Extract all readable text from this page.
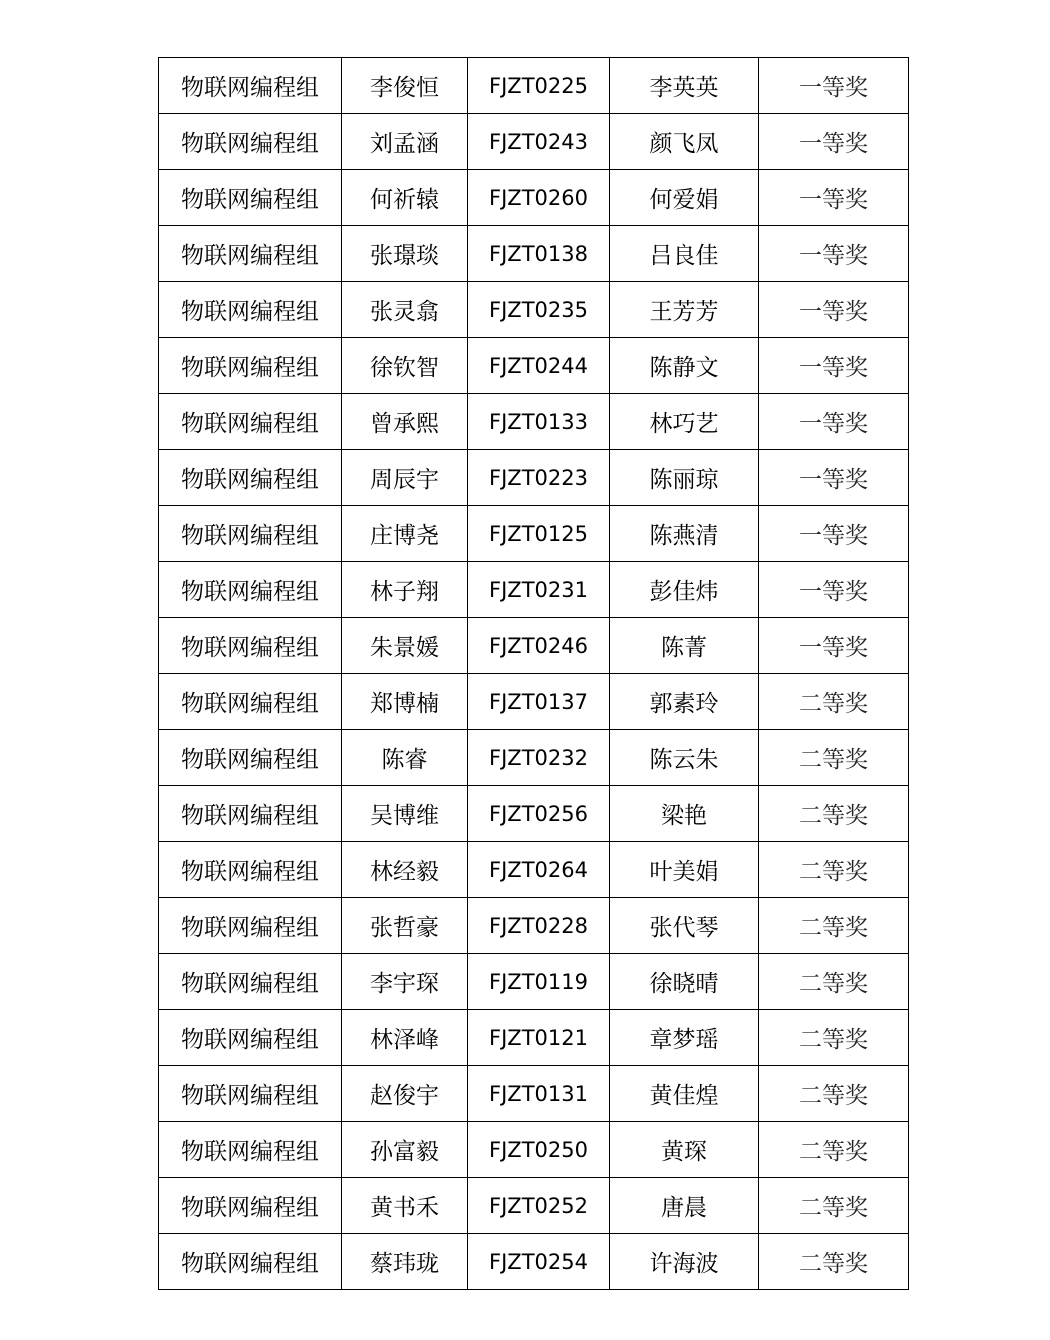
物联网编程组	李俊恒	FJZT0225	李英英	一等奖
物联网编程组	刘孟涵	FJZT0243	颜飞凤	一等奖
物联网编程组	何祈辕	FJZT0260	何爱娟	一等奖
物联网编程组	张璟琰	FJZT0138	吕良佳	一等奖
物联网编程组	张灵翕	FJZT0235	王芳芳	一等奖
物联网编程组	徐钦智	FJZT0244	陈静文	一等奖
物联网编程组	曾承熙	FJZT0133	林巧艺	一等奖
物联网编程组	周辰宇	FJZT0223	陈丽琼	一等奖
物联网编程组	庄博尧	FJZT0125	陈燕清	一等奖
物联网编程组	林子翔	FJZT0231	彭佳炜	一等奖
物联网编程组	朱景媛	FJZT0246	陈菁	一等奖
物联网编程组	郑博楠	FJZT0137	郭素玲	二等奖
物联网编程组	陈睿	FJZT0232	陈云朱	二等奖
物联网编程组	吴博维	FJZT0256	梁艳	二等奖
物联网编程组	林经毅	FJZT0264	叶美娟	二等奖
物联网编程组	张哲豪	FJZT0228	张代琴	二等奖
物联网编程组	李宇琛	FJZT0119	徐晓晴	二等奖
物联网编程组	林泽峰	FJZT0121	章梦瑶	二等奖
物联网编程组	赵俊宇	FJZT0131	黄佳煌	二等奖
物联网编程组	孙富毅	FJZT0250	黄琛	二等奖
物联网编程组	黄书禾	FJZT0252	唐晨	二等奖
物联网编程组	蔡玮珑	FJZT0254	许海波	二等奖
